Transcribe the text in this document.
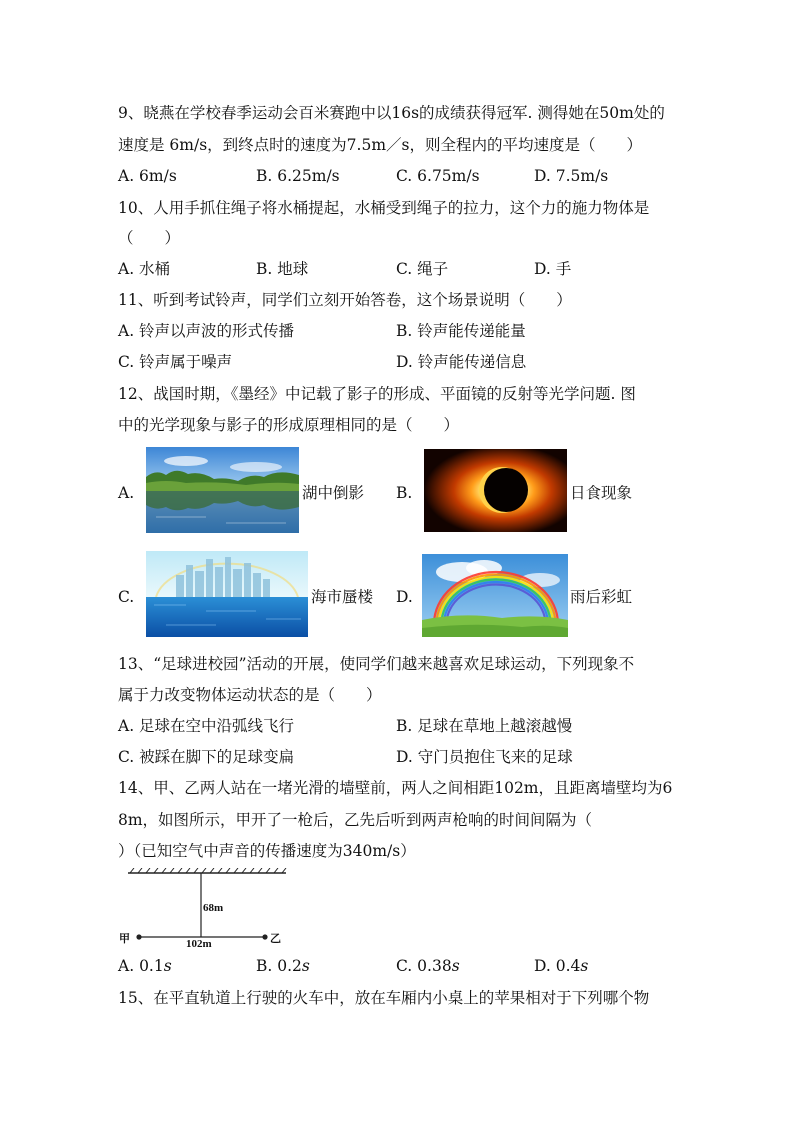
9、晓燕在学校春季运动会百米赛跑中以16s的成绩获得冠军. 测得她在50m处的
速度是 6m/s，到终点时的速度为7.5m／s，则全程内的平均速度是（　　）
A. 6m/s	B. 6.25m/s	C. 6.75m/s	D. 7.5m/s
10、人用手抓住绳子将水桶提起，水桶受到绳子的拉力，这个力的施力物体是
（　　）
A. 水桶	B. 地球	C. 绳子	D. 手
11、听到考试铃声，同学们立刻开始答卷，这个场景说明（　　）
A. 铃声以声波的形式传播	B. 铃声能传递能量
C. 铃声属于噪声	D. 铃声能传递信息
12、战国时期，《墨经》中记载了影子的形成、平面镜的反射等光学问题. 图
中的光学现象与影子的形成原理相同的是（　　）
A.	湖中倒影 B.	日食现象
C.	海市蜃楼 D.	雨后彩虹
13、“足球进校园”活动的开展，使同学们越来越喜欢足球运动，下列现象不
属于力改变物体运动状态的是（　　）
A. 足球在空中沿弧线飞行	B. 足球在草地上越滚越慢
C. 被踩在脚下的足球变扁	D. 守门员抱住飞来的足球
14、甲、乙两人站在一堵光滑的墙壁前，两人之间相距102m，且距离墙壁均为6
8m，如图所示，甲开了一枪后，乙先后听到两声枪响的时间间隔为（
）（已知空气中声音的传播速度为340m/s）
68m
102m
甲	乙
A. 0.1s	B. 0.2s	C. 0.38s	D. 0.4s
15、在平直轨道上行驶的火车中，放在车厢内小桌上的苹果相对于下列哪个物
